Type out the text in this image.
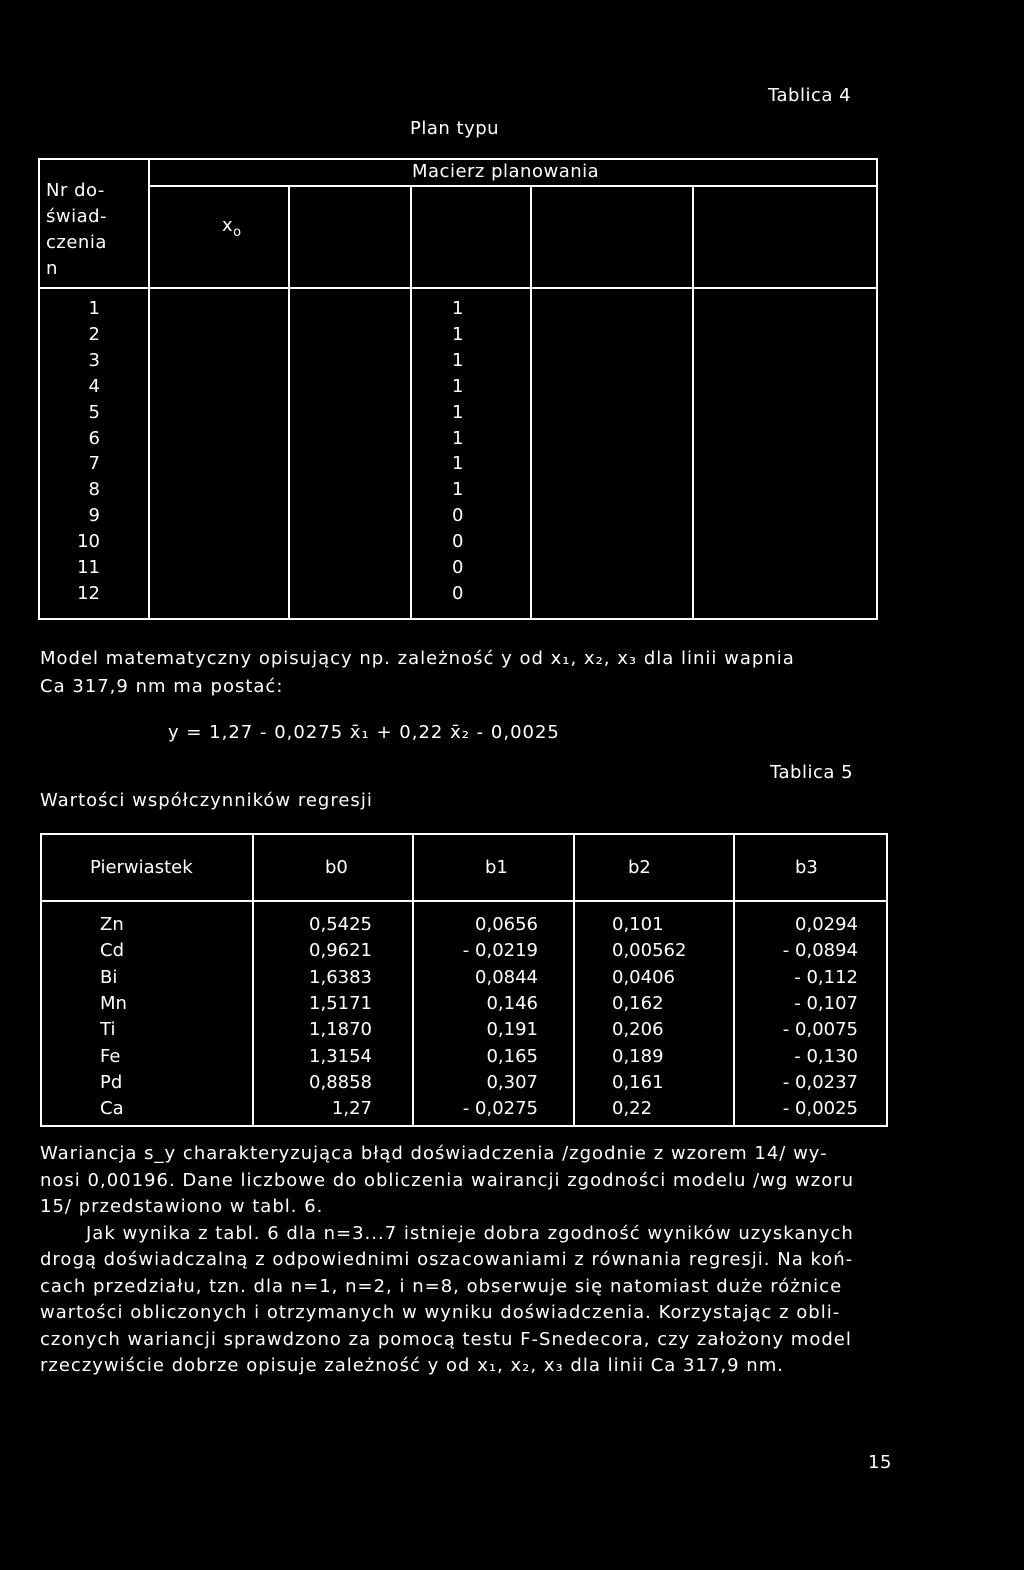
Tablica 4
Plan typu
Nr do-
świad-
czenia
n
$x_o$
Macierz planowania
1	1
2	1
3	1
4	1
5	1
6	1
7	1
8	1
9	0
10	0
11	0
12	0
Model matematyczny opisujący np. zależność y od x₁, x₂, x₃ dla linii wapnia
Ca 317,9 nm ma postać:
y = 1,27 - 0,0275 x̄₁ + 0,22 x̄₂ - 0,0025
Wartości współczynników regresji
Tablica 5
Pierwiastek	b0	b1	b2	b3
Zn	0,5425	0,0656	0,101	0,0294
Cd	0,9621	- 0,0219	0,00562	- 0,0894
Bi	1,6383	0,0844	0,0406	- 0,112
Mn	1,5171	0,146	0,162	- 0,107
Ti	1,1870	0,191	0,206	- 0,0075
Fe	1,3154	0,165	0,189	- 0,130
Pd	0,8858	0,307	0,161	- 0,0237
Ca	1,27	- 0,0275	0,22	- 0,0025
Wariancja s_y charakteryzująca błąd doświadczenia /zgodnie z wzorem 14/ wy-
nosi 0,00196. Dane liczbowe do obliczenia wairancji zgodności modelu /wg wzoru
15/ przedstawiono w tabl. 6.
Jak wynika z tabl. 6 dla n=3...7 istnieje dobra zgodność wyników uzyskanych
drogą doświadczalną z odpowiednimi oszacowaniami z równania regresji. Na koń-
cach przedziału, tzn. dla n=1, n=2, i n=8, obserwuje się natomiast duże różnice
wartości obliczonych i otrzymanych w wyniku doświadczenia. Korzystając z obli-
czonych wariancji sprawdzono za pomocą testu F-Snedecora, czy założony model
rzeczywiście dobrze opisuje zależność y od x₁, x₂, x₃ dla linii Ca 317,9 nm.
15
